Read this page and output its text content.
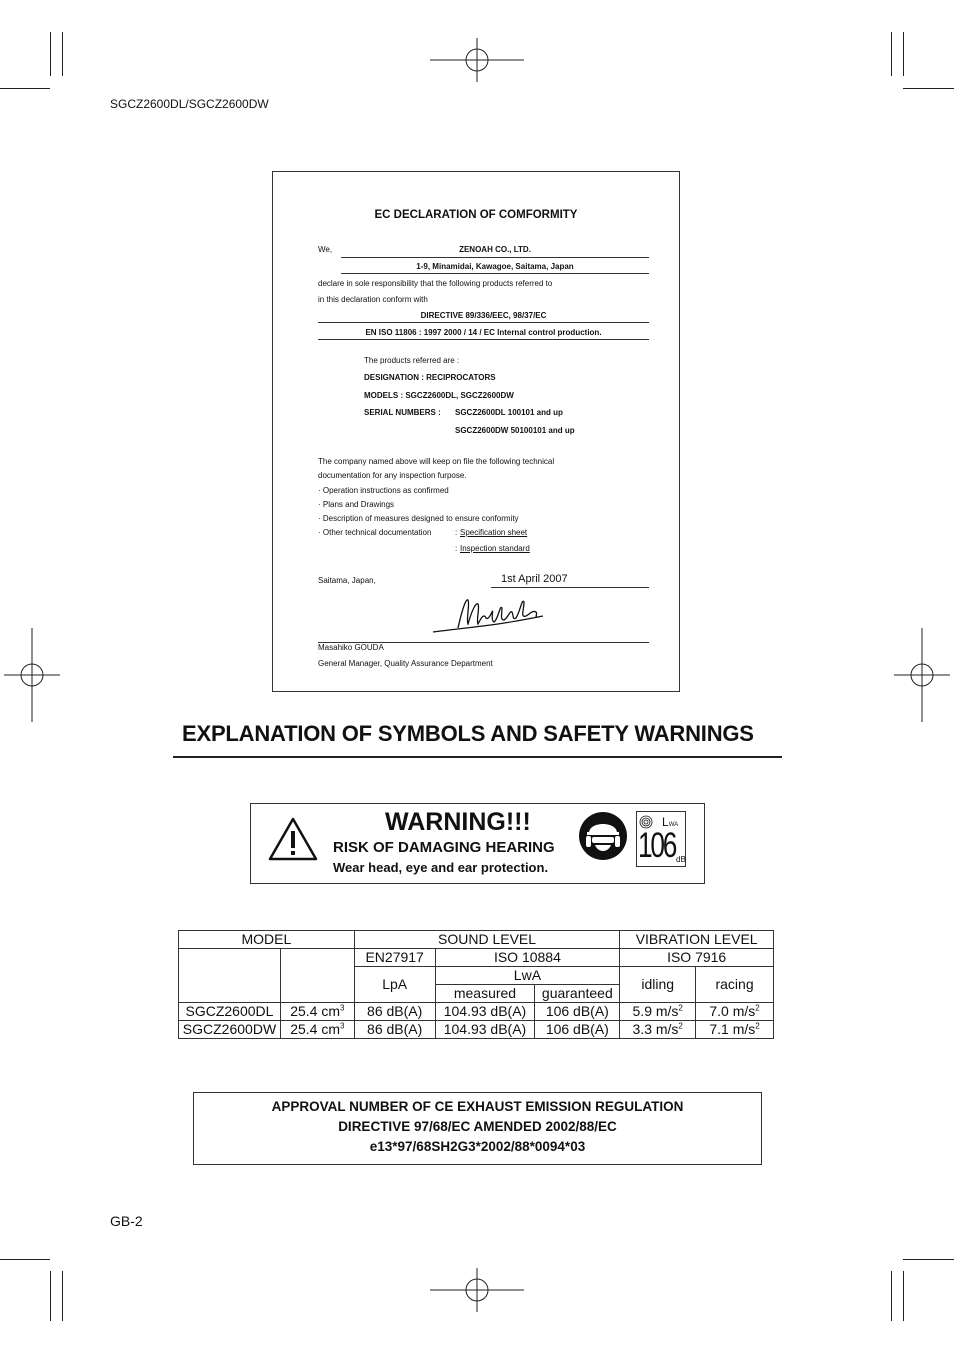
SGCZ2600DL/SGCZ2600DW
EC DECLARATION OF COMFORMITY
We,	ZENOAH CO., LTD.
1-9, Minamidai, Kawagoe, Saitama, Japan
declare in sole responsibility that the following products referred to
in this declaration conform with
DIRECTIVE 89/336/EEC, 98/37/EC
EN ISO 11806 : 1997 2000 / 14 / EC Internal control production.
The products referred are :
DESIGNATION : RECIPROCATORS
MODELS : SGCZ2600DL, SGCZ2600DW
SERIAL NUMBERS : SGCZ2600DL 100101 and up
SGCZ2600DW 50100101 and up
The company named above will keep on file the following technical
documentation for any inspection furpose.
· Operation instructions as confirmed
· Plans and Drawings
· Description of measures designed to ensure conformity
· Other technical documentation	: Specification sheet
: Inspection standard
Saitama, Japan,	1st April 2007
Masahiko GOUDA
General Manager, Quality Assurance Department
EXPLANATION OF SYMBOLS AND SAFETY WARNINGS
WARNING!!!
RISK OF DAMAGING HEARING
Wear head, eye and ear protection.
LWA
106 dB
MODEL		SOUND LEVEL			VIBRATION LEVEL	
		EN27917	ISO 10884		ISO 7916	
		LpA	LwA		idling	racing
			measured	guaranteed		
SGCZ2600DL	25.4 $cm^3$	86 dB(A)	104.93 dB(A)	106 dB(A)	5.9 $m/s^2$	7.0 $m/s^2$
SGCZ2600DW	25.4 $cm^3$	86 dB(A)	104.93 dB(A)	106 dB(A)	3.3 $m/s^2$	7.1 $m/s^2$
APPROVAL NUMBER OF CE EXHAUST EMISSION REGULATION
DIRECTIVE 97/68/EC AMENDED 2002/88/EC
e13*97/68SH2G3*2002/88*0094*03
GB-2
